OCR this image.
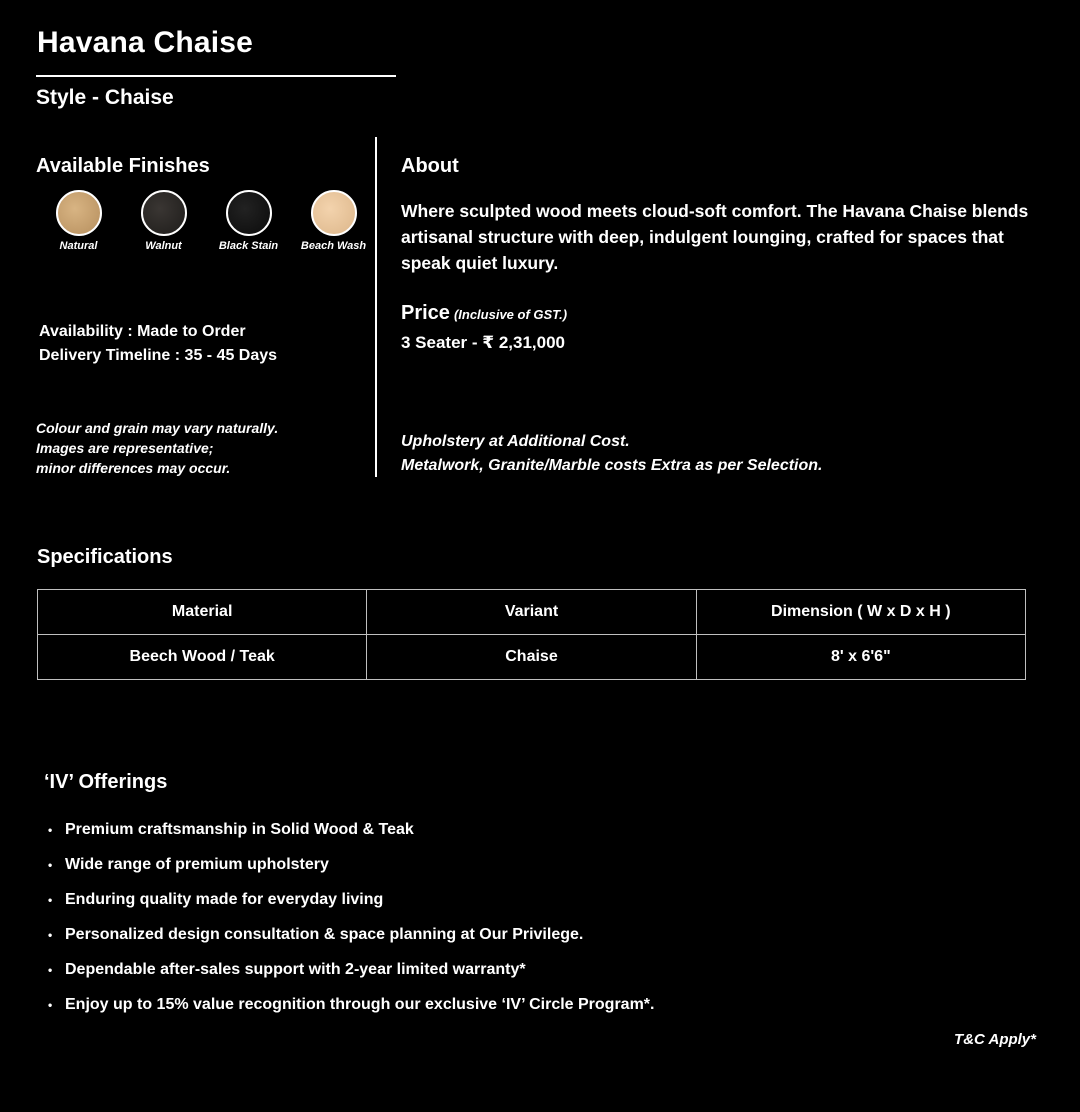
Havana Chaise
Style - Chaise
Available Finishes
Natural	Walnut	Black Stain Beach Wash
Availability : Made to Order
Delivery Timeline : 35 - 45 Days
Colour and grain may vary naturally.
Images are representative;
minor differences may occur.
About
Where sculpted wood meets cloud-soft comfort. The Havana Chaise blends artisanal structure with deep, indulgent lounging, crafted for spaces that speak quiet luxury.
Price (Inclusive of GST.)
3 Seater - ₹ 2,31,000
Upholstery at Additional Cost.
Metalwork, Granite/Marble costs Extra as per Selection.
Specifications
Material	Variant	Dimension ( W x D x H )
Beech Wood / Teak	Chaise	8' x 6'6"
‘IV’ Offerings
• Premium craftsmanship in Solid Wood & Teak
• Wide range of premium upholstery
• Enduring quality made for everyday living
• Personalized design consultation & space planning at Our Privilege.
• Dependable after-sales support with 2-year limited warranty*
• Enjoy up to 15% value recognition through our exclusive ‘IV’ Circle Program*.
T&C Apply*
